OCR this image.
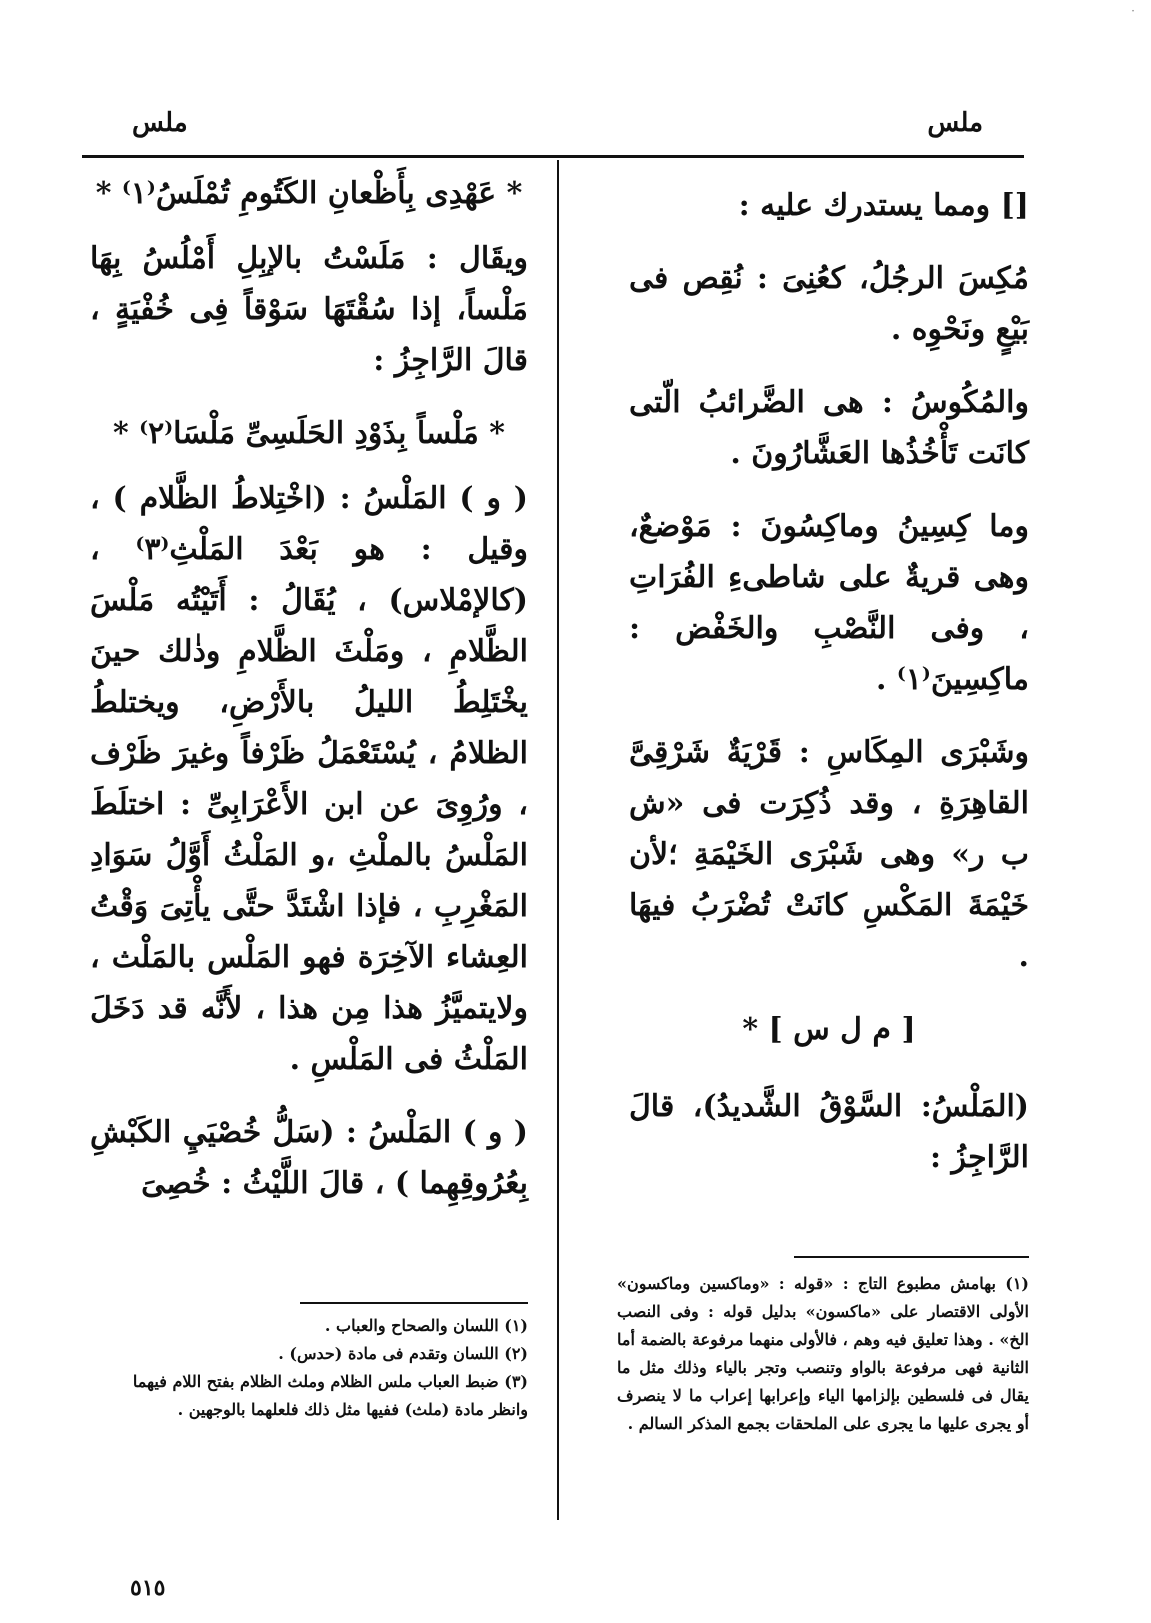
·
ملس
ملس

[] ومما يستدرك عليه :

مُكِسَ الرجُلُ، كعُنِىَ : نُقِص فى بَيْعٍ ونَحْوِه .

والمُكُوسُ : هى الضَّرائبُ الّتى كانَت تَأْخُذُها العَشَّارُونَ .

وما كِسِينُ وماكِسُونَ : مَوْضعٌ، وهى قريةٌ على شاطىءِ الفُرَاتِ ، وفى النَّصْبِ والخَفْض : ماكِسِينَ⁽١⁾ .

وشَبْرَى المِكَاسِ : قَرْيَةٌ شَرْقِىَّ القاهِرَةِ ، وقد ذُكِرَت فى «ش ب ر» وهى شَبْرَى الخَيْمَةِ ؛لأن خَيْمَةَ المَكْسِ كانَتْ تُضْرَبُ فيهَا .

[ م ل س ] *

(المَلْسُ: السَّوْقُ الشَّديدُ)، قالَ الرَّاجِزُ :

* عَهْدِى بِأَظْعانِ الكَتُومِ تُمْلَسُ⁽١⁾ *

ويقَال : مَلَسْتُ بالإبِلِ أَمْلُسُ بِهَا مَلْساً، إذا سُقْتَهَا سَوْقاً فِى خُفْيَةٍ ، قالَ الرَّاجِزُ :

* مَلْساً بِذَوْدِ الحَلَسِىِّ مَلْسَا⁽٢⁾ *

( و ) المَلْسُ : (اخْتِلاطُ الظَّلام ) ، وقيل : هو بَعْدَ المَلْثِ⁽٣⁾ ، (كالإمْلاس) ، يُقَالُ : أَتَيْتُه مَلْسَ الظَّلامِ ، ومَلْثَ الظَّلامِ وذٰلك حينَ يخْتَلِطُ الليلُ بالأَرْضِ، ويختلطُ الظلامُ ، يُسْتَعْمَلُ ظَرْفاً وغيرَ ظَرْف ، ورُوِىَ عن ابن الأَعْرَابِىِّ : اختلَطَ المَلْسُ بالملْثِ ،و المَلْثُ أَوَّلُ سَوَادِ المَغْرِبِ ، فإذا اشْتَدَّ حتَّى يأْتِىَ وَقْتُ العِشاء الآخِرَة فهو المَلْس بالمَلْث ، ولايتميَّزُ هذا مِن هذا ، لأَنَّه قد دَخَلَ المَلْثُ فى المَلْسِ .

( و ) المَلْسُ : (سَلُّ خُصْيَيِ الكَبْشِ بِعُرُوقِهِما ) ، قالَ اللَّيْثُ : خُصِىَ

(١) بهامش مطبوع التاج : «قوله : «وماكسين وماكسون» الأولى الاقتصار على «ماكسون» بدليل قوله : وفى النصب الخ» . وهذا تعليق فيه وهم ، فالأولى منهما مرفوعة بالضمة أما الثانية فهى مرفوعة بالواو وتنصب وتجر بالياء وذلك مثل ما يقال فى فلسطين بإلزامها الياء وإعرابها إعراب ما لا ينصرف أو يجرى عليها ما يجرى على الملحقات بجمع المذكر السالم .

(١) اللسان والصحاح والعباب .

(٢) اللسان وتقدم فى مادة (حدس) .

(٣) ضبط العباب ملس الظلام وملث الظلام بفتح اللام فيهما وانظر مادة (ملث) ففيها مثل ذلك فلعلهما بالوجهين .

٥١٥
